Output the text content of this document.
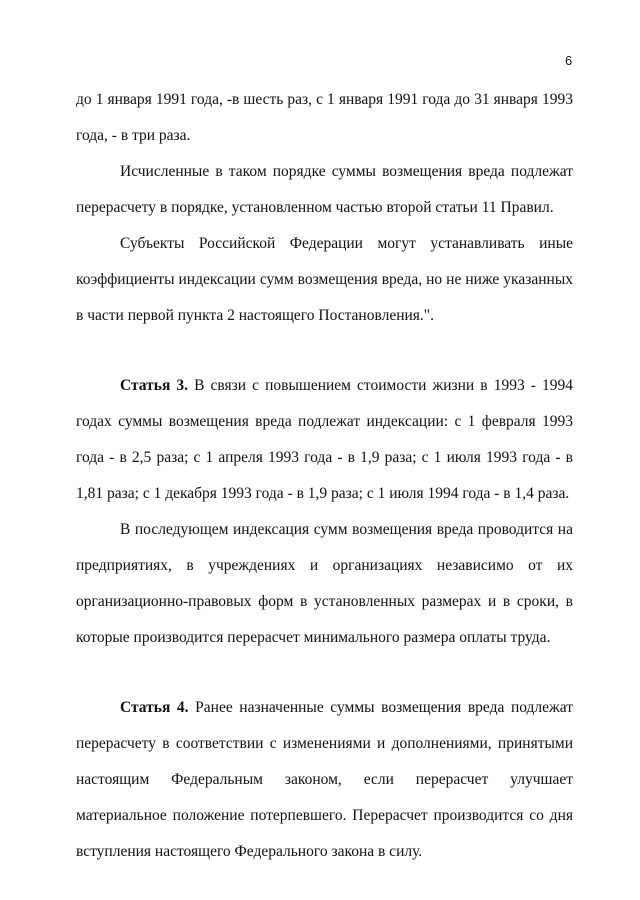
6

до 1 января 1991 года, -в шесть раз, с 1 января 1991 года до 31 января 1993 года, - в три раза.

Исчисленные в таком порядке суммы возмещения вреда подлежат перерасчету в порядке, установленном частью второй статьи 11 Правил.

Субъекты Российской Федерации могут устанавливать иные коэффициенты индексации сумм возмещения вреда, но не ниже указанных в части первой пункта 2 настоящего Постановления.".

Статья 3. В связи с повышением стоимости жизни в 1993 - 1994 годах суммы возмещения вреда подлежат индексации: с 1 февраля 1993 года - в 2,5 раза; с 1 апреля 1993 года - в 1,9 раза; с 1 июля 1993 года - в 1,81 раза; с 1 декабря 1993 года - в 1,9 раза; с 1 июля 1994 года - в 1,4 раза.

В последующем индексация сумм возмещения вреда проводится на предприятиях, в учреждениях и организациях независимо от их организационно-правовых форм в установленных размерах и в сроки, в которые производится перерасчет минимального размера оплаты труда.

Статья 4. Ранее назначенные суммы возмещения вреда подлежат перерасчету в соответствии с изменениями и дополнениями, принятыми настоящим Федеральным законом, если перерасчет улучшает материальное положение потерпевшего. Перерасчет производится со дня вступления настоящего Федерального закона в силу.
